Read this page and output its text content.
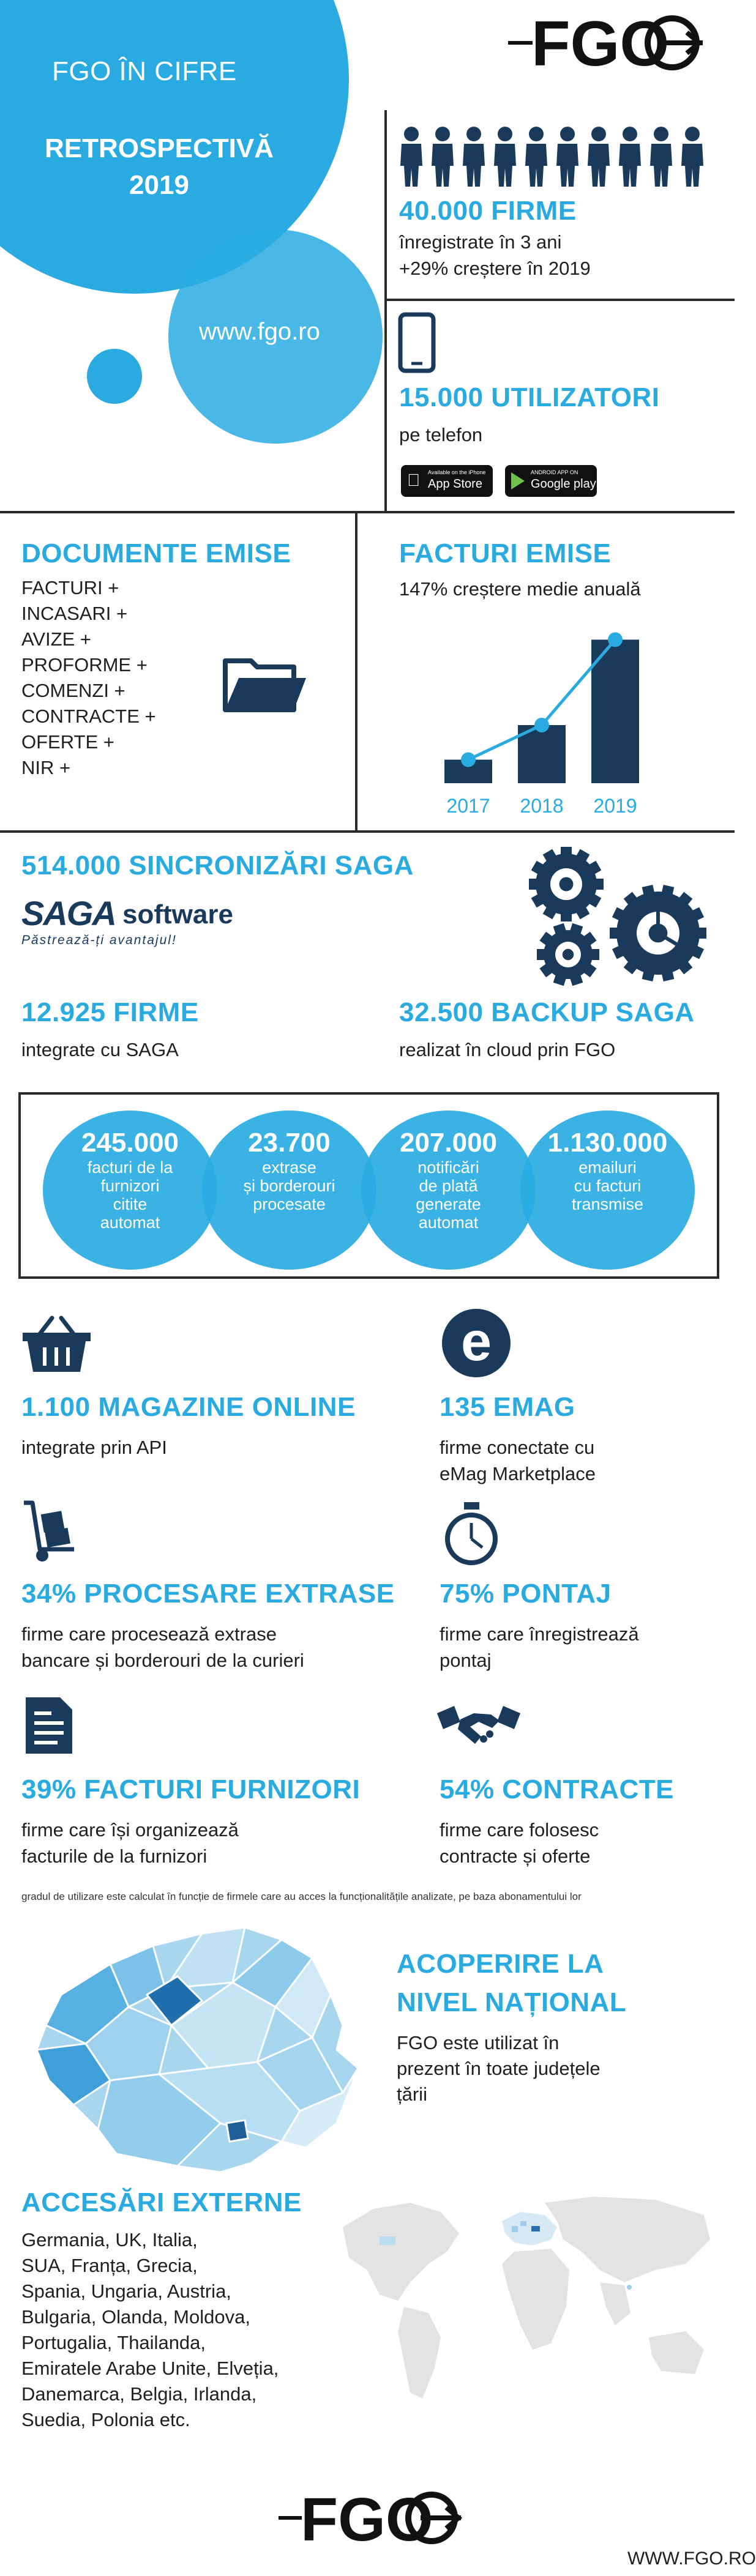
FGO ÎN CIFRE
RETROSPECTIVĂ
2019
www.fgo.ro
FGO
40.000 FIRME
înregistrate în 3 ani
+29% creștere în 2019
15.000 UTILIZATORI
pe telefon
Available on the iPhone
App Store
ANDROID APP ON
Google play
DOCUMENTE EMISE
FACTURI +
INCASARI +
AVIZE +
PROFORME +
COMENZI +
CONTRACTE +
OFERTE +
NIR +
FACTURI EMISE
147% creștere medie anuală
2017 2018 2019
514.000 SINCRONIZĂRI SAGA
SAGA software
Păstrează-ți avantajul!
12.925 FIRME
integrate cu SAGA
32.500 BACKUP SAGA
realizat în cloud prin FGO
245.000
facturi de la
furnizori
citite
automat
23.700
extrase
și borderouri
procesate
207.000
notificări
de plată
generate
automat
1.130.000
emailuri
cu facturi
transmise
e
1.100 MAGAZINE ONLINE
integrate prin API
135 EMAG
firme conectate cu
eMag Marketplace
34% PROCESARE EXTRASE
firme care procesează extrase
bancare și borderouri de la curieri
75% PONTAJ
firme care înregistrează
pontaj
39% FACTURI FURNIZORI
firme care își organizează
facturile de la furnizori
54% CONTRACTE
firme care folosesc
contracte și oferte
gradul de utilizare este calculat în funcție de firmele care au acces la funcționalitățile analizate, pe baza abonamentului lor
ACOPERIRE LA
NIVEL NAȚIONAL
FGO este utilizat în
prezent în toate județele
țării
ACCESĂRI EXTERNE
Germania, UK, Italia,
SUA, Franța, Grecia,
Spania, Ungaria, Austria,
Bulgaria, Olanda, Moldova,
Portugalia, Thailanda,
Emiratele Arabe Unite, Elveția,
Danemarca, Belgia, Irlanda,
Suedia, Polonia etc.
FGO
WWW.FGO.RO
